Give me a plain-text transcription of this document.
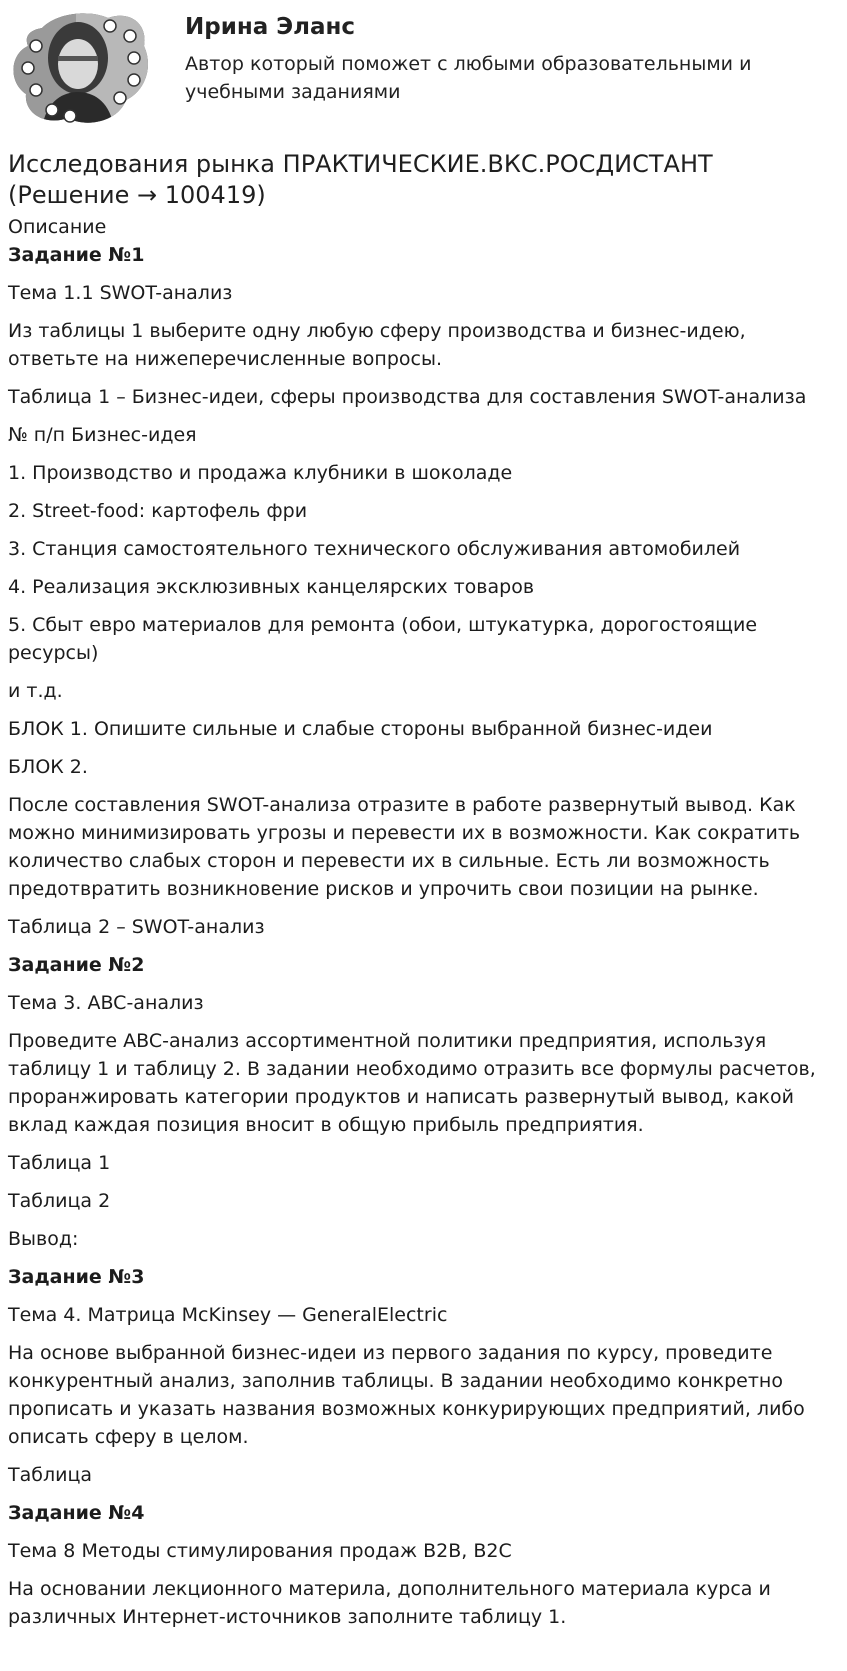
Ирина Эланс
Автор который поможет с любыми образовательными и учебными заданиями
Исследования рынка ПРАКТИЧЕСКИЕ.ВКС.РОСДИСТАНТ (Решение → 100419)
Описание

Задание №1

Тема 1.1 SWOT-анализ

Из таблицы 1 выберите одну любую сферу производства и бизнес-идею, ответьте на нижеперечисленные вопросы.

Таблица 1 – Бизнес-идеи, сферы производства для составления SWOT-анализа

№ п/п Бизнес-идея

1. Производство и продажа клубники в шоколаде

2. Street-food: картофель фри

3. Станция самостоятельного технического обслуживания автомобилей

4. Реализация эксклюзивных канцелярских товаров

5. Сбыт евро материалов для ремонта (обои, штукатурка, дорогостоящие ресурсы)

и т.д.

БЛОК 1. Опишите сильные и слабые стороны выбранной бизнес-идеи

БЛОК 2.

После составления SWOT-анализа отразите в работе развернутый вывод. Как можно минимизировать угрозы и перевести их в возможности. Как сократить количество слабых сторон и перевести их в сильные. Есть ли возможность предотвратить возникновение рисков и упрочить свои позиции на рынке.

Таблица 2 – SWOT-анализ

Задание №2

Тема 3. ABC-анализ

Проведите ABC-анализ ассортиментной политики предприятия, используя таблицу 1 и таблицу 2. В задании необходимо отразить все формулы расчетов, проранжировать категории продуктов и написать развернутый вывод, какой вклад каждая позиция вносит в общую прибыль предприятия.

Таблица 1

Таблица 2

Вывод:

Задание №3

Тема 4. Матрица McKinsey — GeneralElectric

На основе выбранной бизнес-идеи из первого задания по курсу, проведите конкурентный анализ, заполнив таблицы. В задании необходимо конкретно прописать и указать названия возможных конкурирующих предприятий, либо описать сферу в целом.

Таблица

Задание №4

Тема 8 Методы стимулирования продаж B2B, B2C

На основании лекционного материла, дополнительного материала курса и различных Интернет-источников заполните таблицу 1.
